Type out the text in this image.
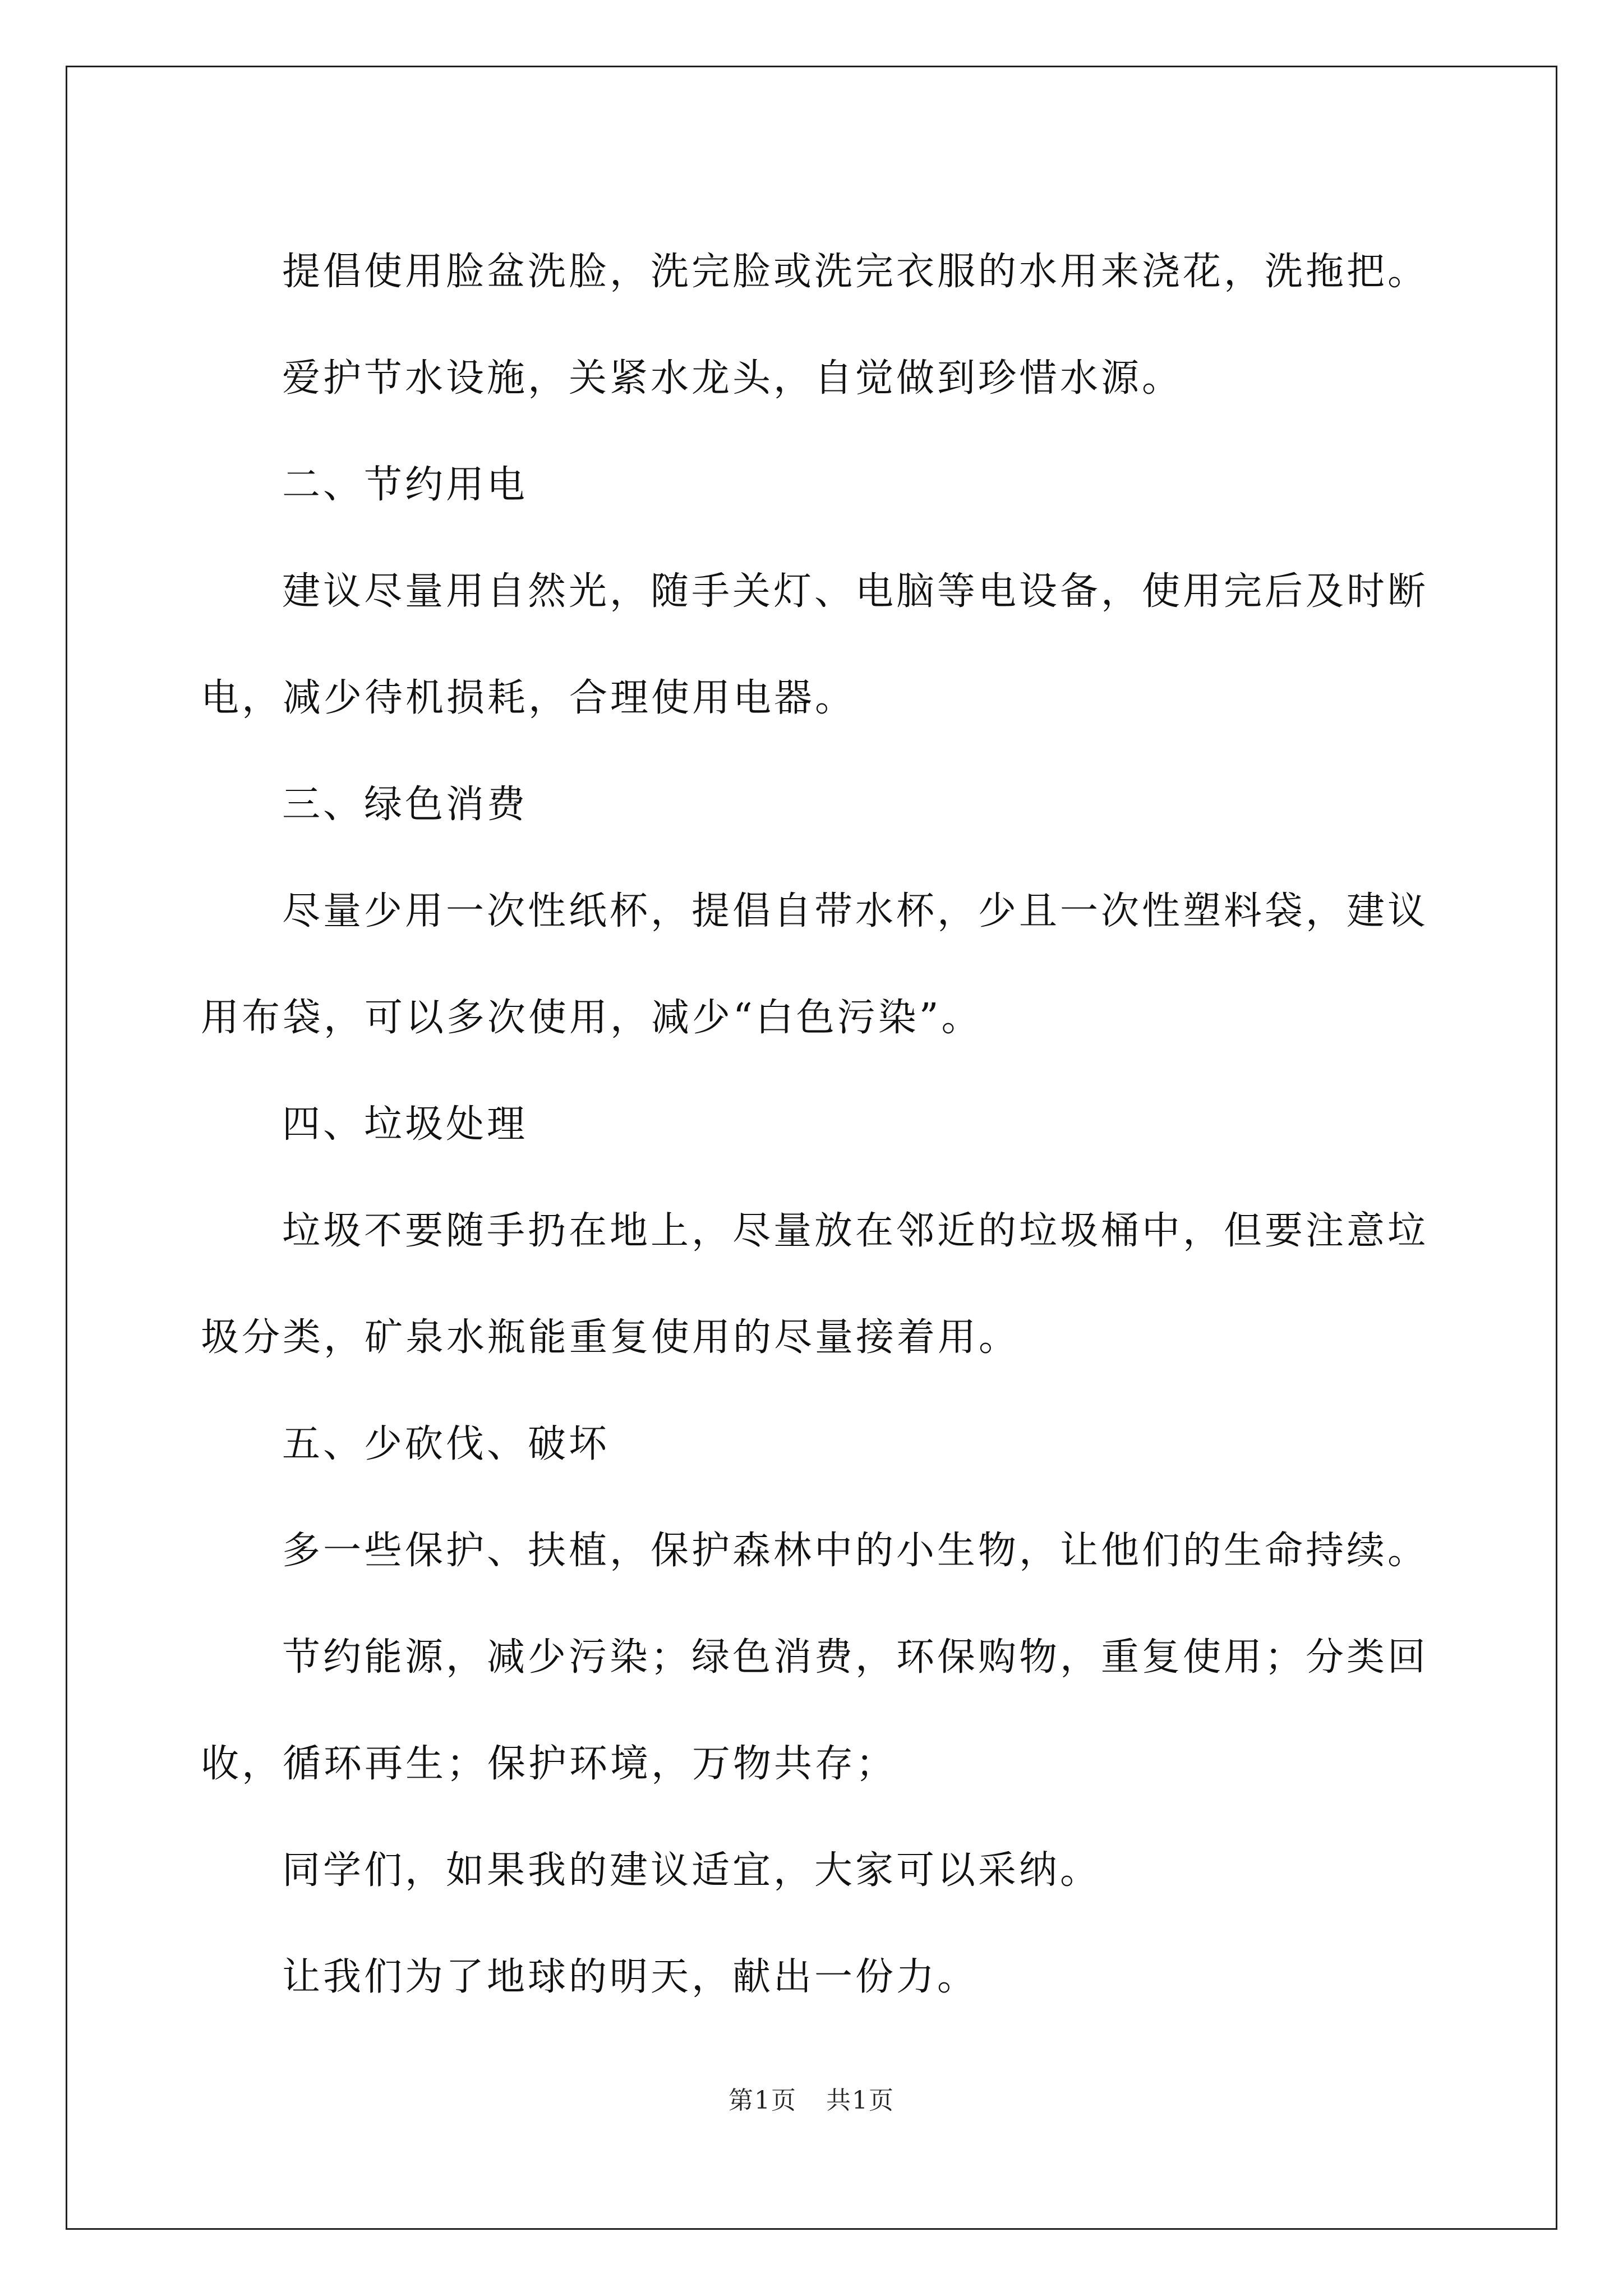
提倡使用脸盆洗脸，洗完脸或洗完衣服的水用来浇花，洗拖把。

爱护节水设施，关紧水龙头，自觉做到珍惜水源。

二、节约用电

建议尽量用自然光，随手关灯、电脑等电设备，使用完后及时断电，减少待机损耗，合理使用电器。

三、绿色消费

尽量少用一次性纸杯，提倡自带水杯，少且一次性塑料袋，建议用布袋，可以多次使用，减少“白色污染”。

四、垃圾处理

垃圾不要随手扔在地上，尽量放在邻近的垃圾桶中，但要注意垃圾分类，矿泉水瓶能重复使用的尽量接着用。

五、少砍伐、破坏

多一些保护、扶植，保护森林中的小生物，让他们的生命持续。

节约能源，减少污染；绿色消费，环保购物，重复使用；分类回收，循环再生；保护环境，万物共存；

同学们，如果我的建议适宜，大家可以采纳。

让我们为了地球的明天，献出一份力。

第1页 共1页
